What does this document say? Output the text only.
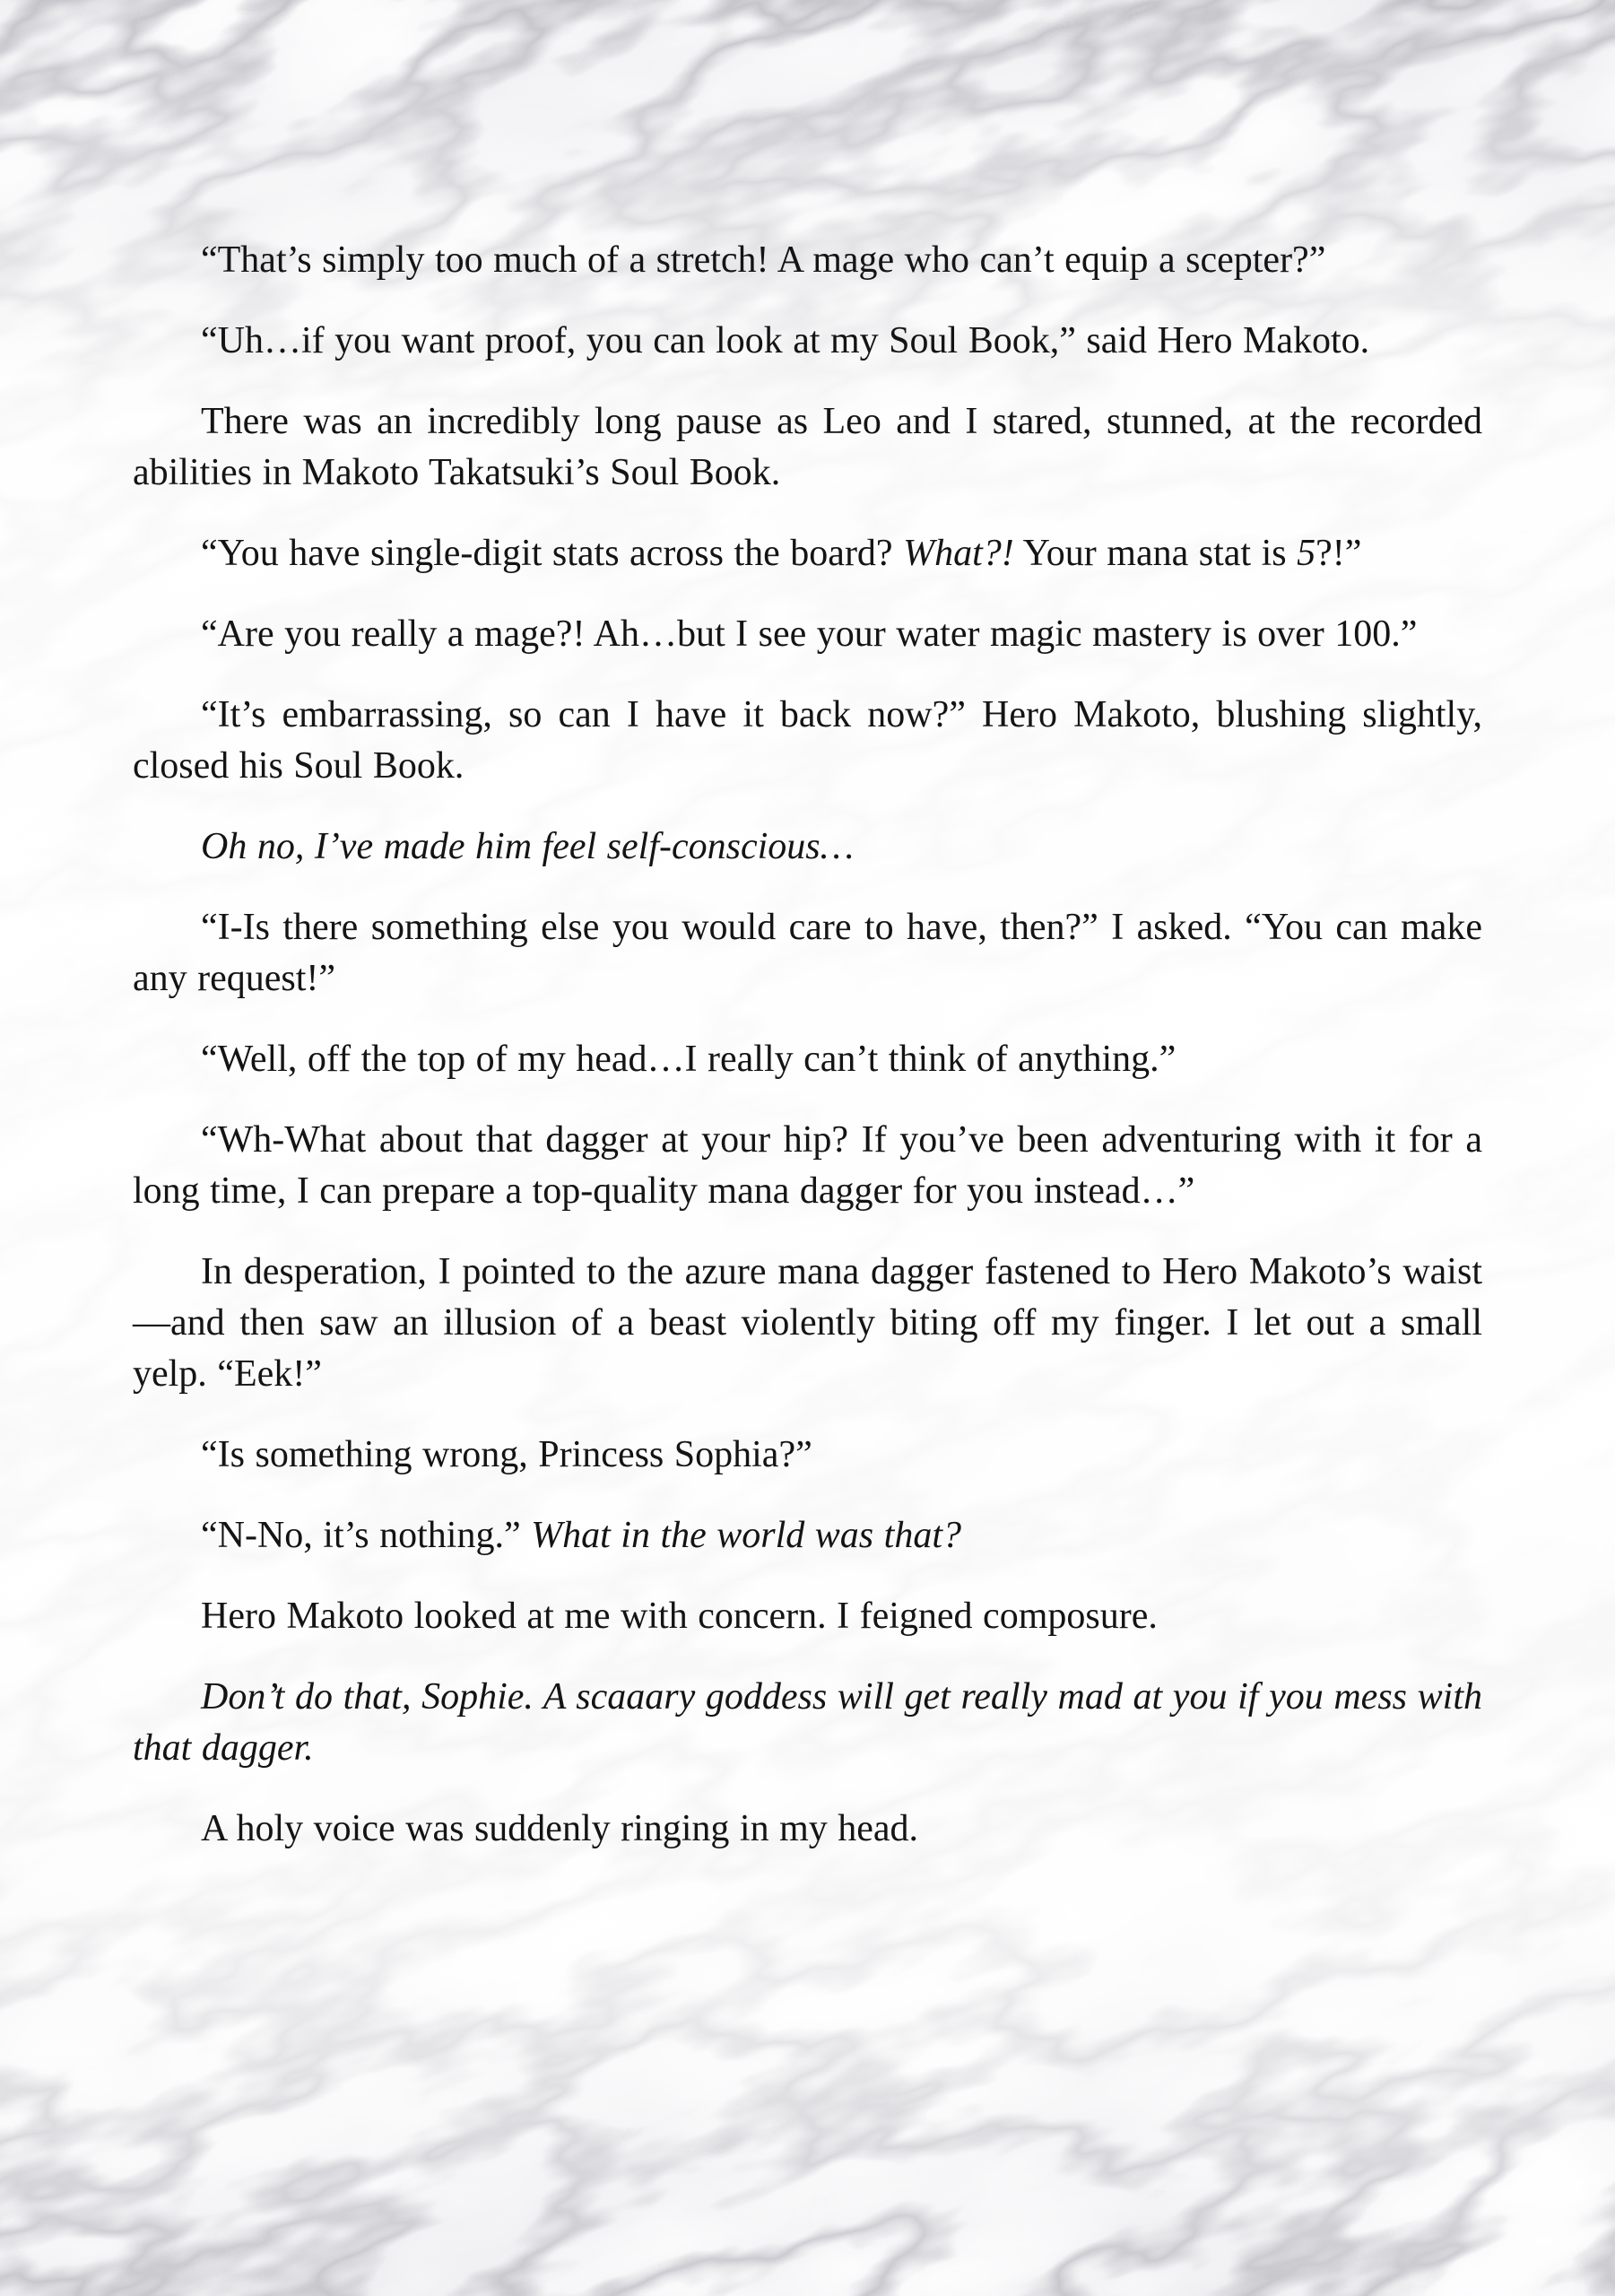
“That’s simply too much of a stretch! A mage who can’t equip a scepter?”

“Uh…if you want proof, you can look at my Soul Book,” said Hero Makoto.

There was an incredibly long pause as Leo and I stared, stunned, at the recorded abilities in Makoto Takatsuki’s Soul Book.

“You have single-digit stats across the board? What?! Your mana stat is 5?!”

“Are you really a mage?! Ah…but I see your water magic mastery is over 100.”

“It’s embarrassing, so can I have it back now?” Hero Makoto, blushing slightly, closed his Soul Book.

Oh no, I’ve made him feel self-conscious…

“I-Is there something else you would care to have, then?” I asked. “You can make any request!”

“Well, off the top of my head…I really can’t think of anything.”

“Wh-What about that dagger at your hip? If you’ve been adventuring with it for a long time, I can prepare a top-quality mana dagger for you instead…”

In desperation, I pointed to the azure mana dagger fastened to Hero Makoto’s waist—and then saw an illusion of a beast violently biting off my finger. I let out a small yelp. “Eek!”

“Is something wrong, Princess Sophia?”

“N-No, it’s nothing.” What in the world was that?

Hero Makoto looked at me with concern. I feigned composure.

Don’t do that, Sophie. A scaaary goddess will get really mad at you if you mess with that dagger.

A holy voice was suddenly ringing in my head.
